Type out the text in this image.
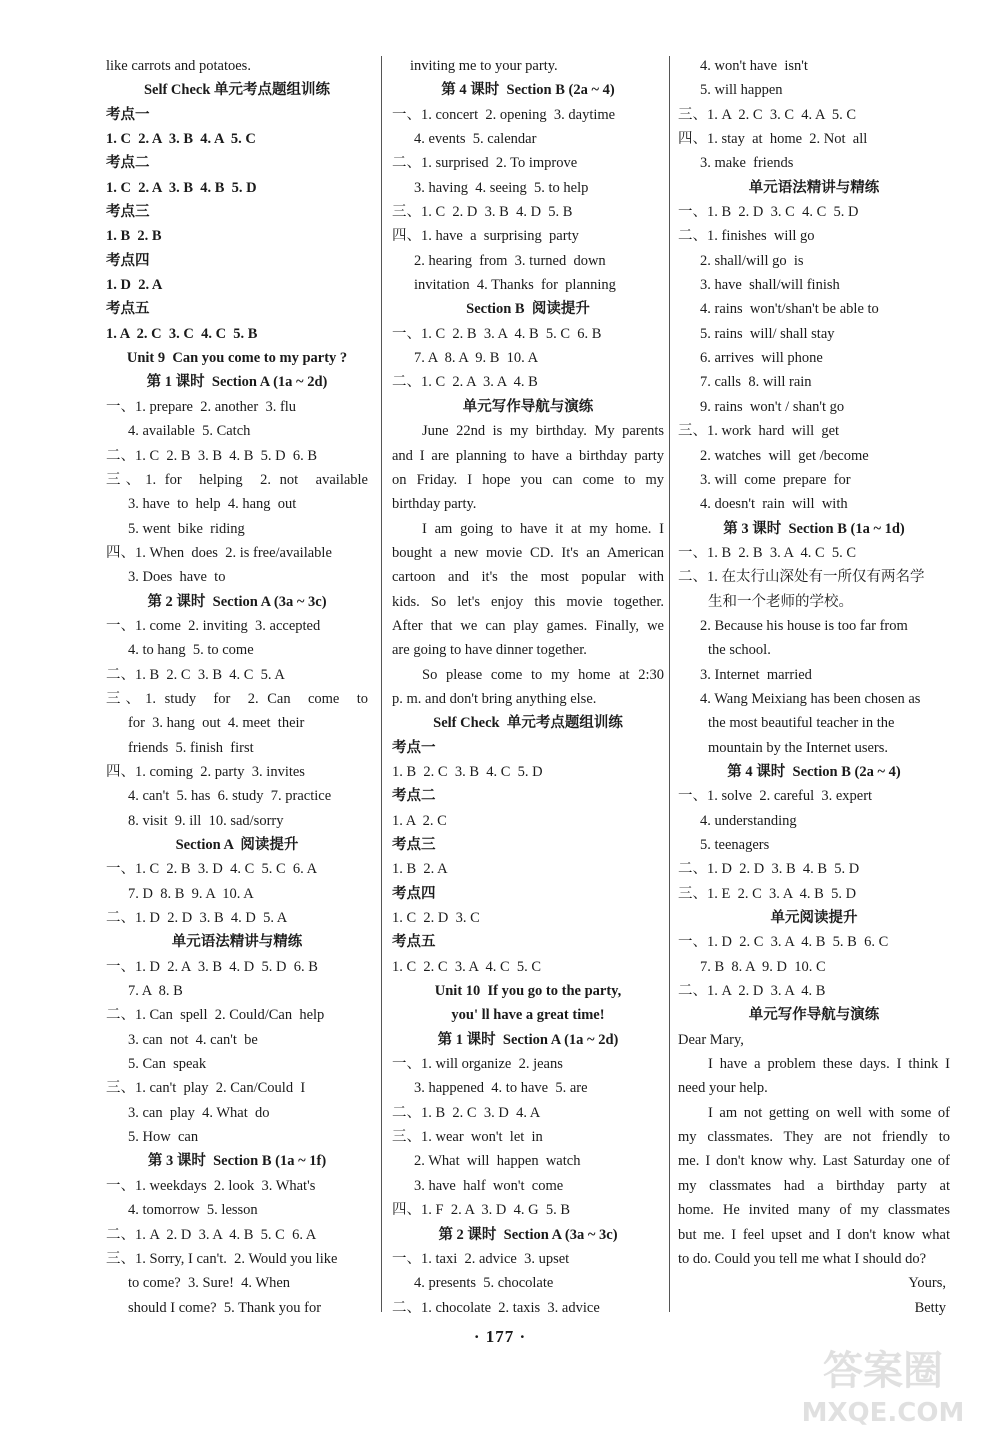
like carrots and potatoes.
Self Check 单元考点题组训练
考点一
1. C  2. A  3. B  4. A  5. C
考点二
1. C  2. A  3. B  4. B  5. D
考点三
1. B  2. B
考点四
1. D  2. A
考点五
1. A  2. C  3. C  4. C  5. B
Unit 9  Can you come to my party ?
第 1 课时  Section A (1a ~ 2d)
一、1. prepare  2. another  3. flu
4. available  5. Catch
二、1. C  2. B  3. B  4. B  5. D  6. B
三、1. for  helping  2. not  available
3. have  to  help  4. hang  out
5. went  bike  riding
四、1. When  does  2. is free/available
3. Does  have  to
第 2 课时  Section A (3a ~ 3c)
一、1. come  2. inviting  3. accepted
4. to hang  5. to come
二、1. B  2. C  3. B  4. C  5. A
三、1. study  for  2. Can  come  to
for  3. hang  out  4. meet  their
friends  5. finish  first
四、1. coming  2. party  3. invites
4. can't  5. has  6. study  7. practice
8. visit  9. ill  10. sad/sorry
Section A  阅读提升
一、1. C  2. B  3. D  4. C  5. C  6. A
7. D  8. B  9. A  10. A
二、1. D  2. D  3. B  4. D  5. A
单元语法精讲与精练
一、1. D  2. A  3. B  4. D  5. D  6. B
7. A  8. B
二、1. Can  spell  2. Could/Can  help
3. can  not  4. can't  be
5. Can  speak
三、1. can't  play  2. Can/Could  I
3. can  play  4. What  do
5. How  can
第 3 课时  Section B (1a ~ 1f)
一、1. weekdays  2. look  3. What's
4. tomorrow  5. lesson
二、1. A  2. D  3. A  4. B  5. C  6. A
三、1. Sorry, I can't.  2. Would you like
to come?  3. Sure!  4. When
should I come?  5. Thank you for
inviting me to your party.
第 4 课时  Section B (2a ~ 4)
一、1. concert  2. opening  3. daytime
4. events  5. calendar
二、1. surprised  2. To improve
3. having  4. seeing  5. to help
三、1. C  2. D  3. B  4. D  5. B
四、1. have  a  surprising  party
2. hearing  from  3. turned  down
invitation  4. Thanks  for  planning
Section B  阅读提升
一、1. C  2. B  3. A  4. B  5. C  6. B
7. A  8. A  9. B  10. A
二、1. C  2. A  3. A  4. B
单元写作导航与演练
June 22nd is my birthday. My parents
and I are planning to have a birthday party
on Friday. I hope you can come to my
birthday party.
I am going to have it at my home. I
bought a new movie CD. It's an American
cartoon and it's the most popular with
kids. So let's enjoy this movie together.
After that we can play games. Finally, we
are going to have dinner together.
So please come to my home at 2:30
p. m. and don't bring anything else.
Self Check  单元考点题组训练
考点一
1. B  2. C  3. B  4. C  5. D
考点二
1. A  2. C
考点三
1. B  2. A
考点四
1. C  2. D  3. C
考点五
1. C  2. C  3. A  4. C  5. C
Unit 10  If you go to the party,
you' ll have a great time!
第 1 课时  Section A (1a ~ 2d)
一、1. will organize  2. jeans
3. happened  4. to have  5. are
二、1. B  2. C  3. D  4. A
三、1. wear  won't  let  in
2. What  will  happen  watch
3. have  half  won't  come
四、1. F  2. A  3. D  4. G  5. B
第 2 课时  Section A (3a ~ 3c)
一、1. taxi  2. advice  3. upset
4. presents  5. chocolate
二、1. chocolate  2. taxis  3. advice
4. won't have  isn't
5. will happen
三、1. A  2. C  3. C  4. A  5. C
四、1. stay  at  home  2. Not  all
3. make  friends
单元语法精讲与精练
一、1. B  2. D  3. C  4. C  5. D
二、1. finishes  will go
2. shall/will go  is
3. have  shall/will finish
4. rains  won't/shan't be able to
5. rains  will/ shall stay
6. arrives  will phone
7. calls  8. will rain
9. rains  won't / shan't go
三、1. work  hard  will  get
2. watches  will  get /become
3. will  come  prepare  for
4. doesn't  rain  will  with
第 3 课时  Section B (1a ~ 1d)
一、1. B  2. B  3. A  4. C  5. C
二、1. 在太行山深处有一所仅有两名学
生和一个老师的学校。
2. Because his house is too far from
the school.
3. Internet  married
4. Wang Meixiang has been chosen as
the most beautiful teacher in the
mountain by the Internet users.
第 4 课时  Section B (2a ~ 4)
一、1. solve  2. careful  3. expert
4. understanding
5. teenagers
二、1. D  2. D  3. B  4. B  5. D
三、1. E  2. C  3. A  4. B  5. D
单元阅读提升
一、1. D  2. C  3. A  4. B  5. B  6. C
7. B  8. A  9. D  10. C
二、1. A  2. D  3. A  4. B
单元写作导航与演练
Dear Mary,
I have a problem these days. I think I
need your help.
I am not getting on well with some of
my classmates. They are not friendly to
me. I don't know why. Last Saturday one of
my classmates had a birthday party at
home. He invited many of my classmates
but me. I feel upset and I don't know what
to do. Could you tell me what I should do?
Yours,
Betty
· 177 ·
答案圈
MXQE.COM
